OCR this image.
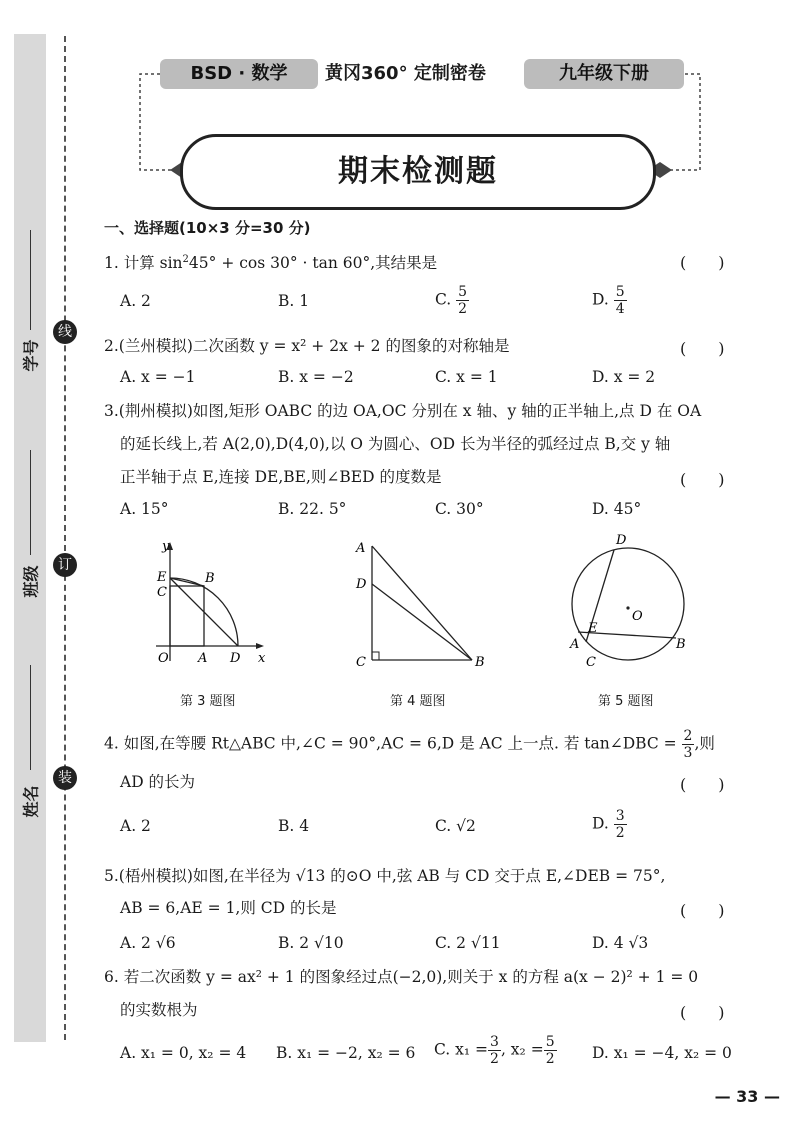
线
订
装
学号
班级
姓名
BSD · 数学	黄冈360° 定制密卷	九年级下册
期末检测题
一、选择题(10×3 分=30 分)
1. 计算 $\sin^245^\circ + \cos 30^\circ \cdot \tan 60^\circ$,其结果是	(　　)
A. 2	B. 1	C. $\frac{5}{2}$	D. $\frac{5}{4}$
2.(兰州模拟)二次函数 y = x² + 2x + 2 的图象的对称轴是	(　　)
A. x = −1	B. x = −2	C. x = 1	D. x = 2
3.(荆州模拟)如图,矩形 OABC 的边 OA,OC 分别在 x 轴、y 轴的正半轴上,点 D 在 OA
的延长线上,若 A(2,0),D(4,0),以 O 为圆心、OD 长为半径的弧经过点 B,交 y 轴
正半轴于点 E,连接 DE,BE,则∠BED 的度数是	(　　)
A. 15°	B. 22. 5°	C. 30°	D. 45°
y
E
C
B
O A D x
第 3 题图
A
D
C	B
第 4 题图
D
O
E
A	B
C
第 5 题图
4. 如图,在等腰 Rt△ABC 中,∠C = 90°,AC = 6,D 是 AC 上一点. 若 tan∠DBC = $\frac{2}{3}$ ,则
AD 的长为	(　　)
A. 2	B. 4	C. √2	D. $\frac{3}{2}$
5.(梧州模拟)如图,在半径为 √13 的⊙O 中,弦 AB 与 CD 交于点 E,∠DEB = 75°,
AB = 6,AE = 1,则 CD 的长是	(　　)
A. 2 √6	B. 2 √10	C. 2 √11	D. 4 √3
6. 若二次函数 y = ax² + 1 的图象经过点(−2,0),则关于 x 的方程 a(x − 2)² + 1 = 0
的实数根为	(　　)
A. x₁ = 0, x₂ = 4 B. x₁ = −2, x₂ = 6 C. $x_1 = \frac{3}{2}$ , $x_2 = \frac{5}{2} D$. x₁ = −4, x₂ = 0
— 33 —
